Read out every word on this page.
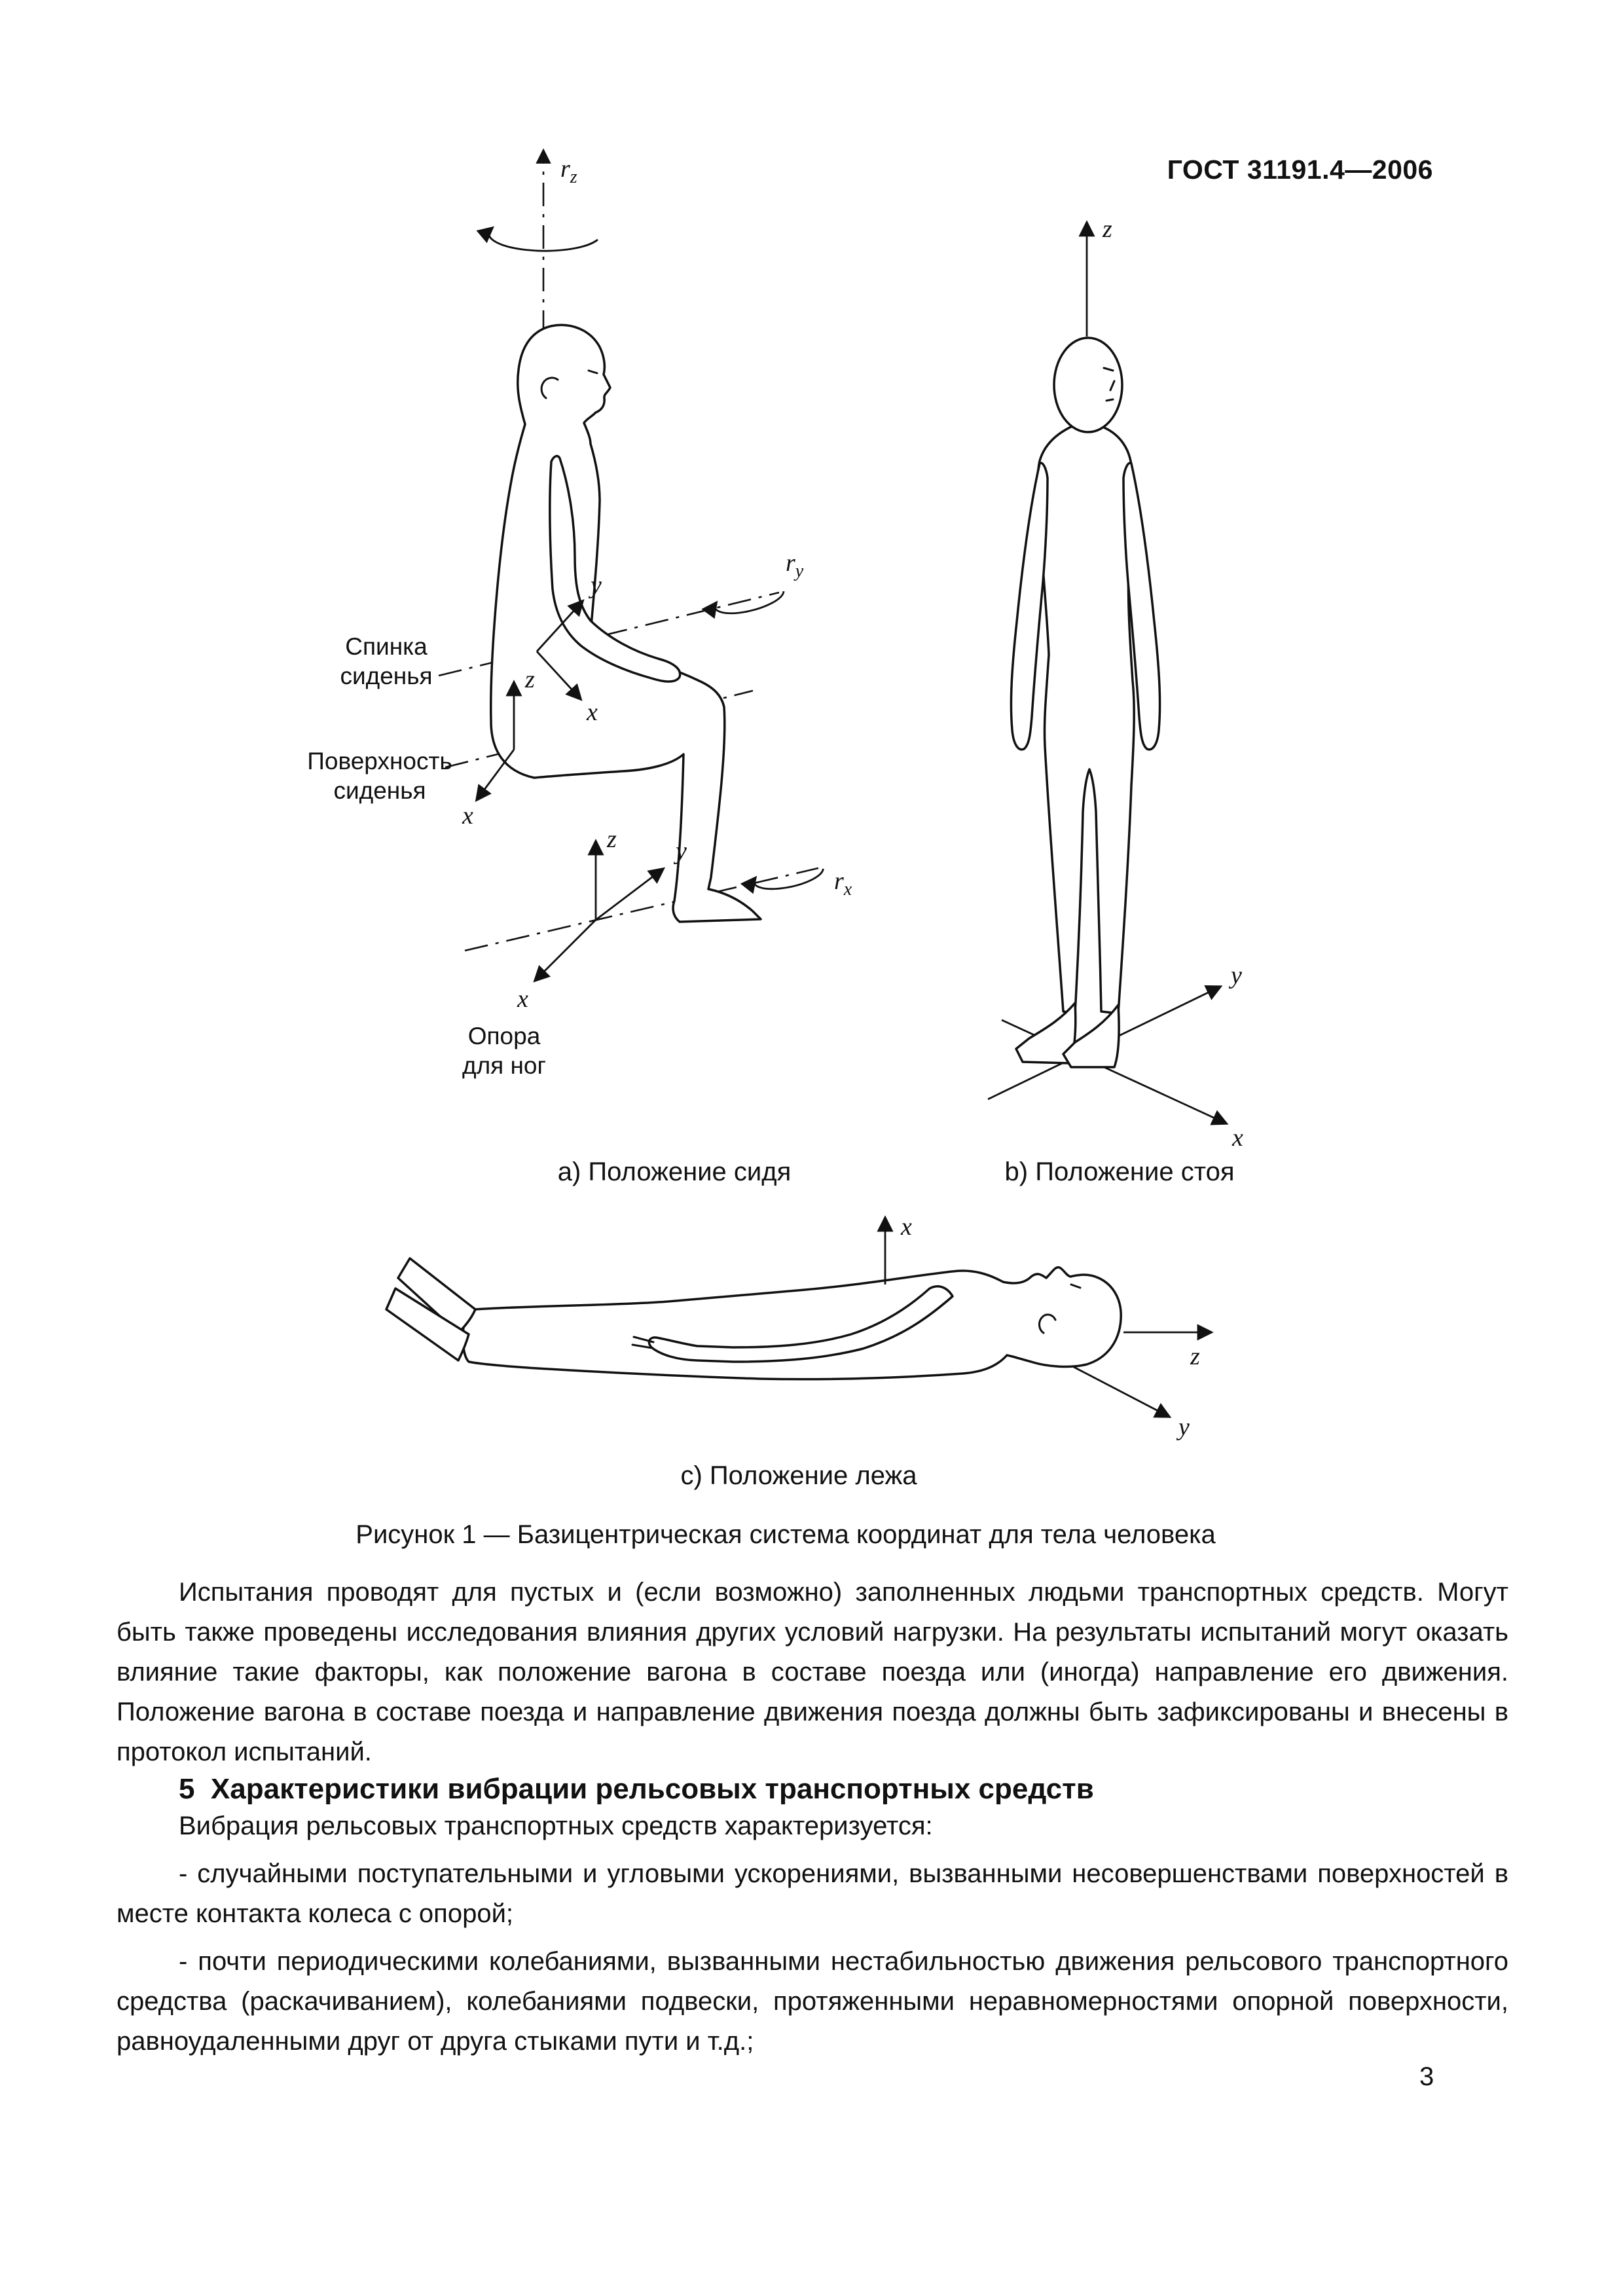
ГОСТ 31191.4—2006
$r_z$
y
x
$r_y$
z
x
z y
x
$r_x$
Спинка
сиденья
Поверхность
сиденья
Опора
для ног
z
y
x
x
z
y
а) Положение сидя	b) Положение стоя
с) Положение лежа
Рисунок 1 — Базицентрическая система координат для тела человека

Испытания проводят для пустых и (если возможно) заполненных людьми транспортных средств. Могут быть также проведены исследования влияния других условий нагрузки. На результаты испытаний могут оказать влияние такие факторы, как положение вагона в составе поезда или (иногда) направление его движения. Положение вагона в составе поезда и направление движения поезда должны быть зафиксированы и внесены в протокол испытаний.

5  Характеристики вибрации рельсовых транспортных средств

Вибрация рельсовых транспортных средств характеризуется:

- случайными поступательными и угловыми ускорениями, вызванными несовершенствами поверхностей в месте контакта колеса с опорой;

- почти периодическими колебаниями, вызванными нестабильностью движения рельсового транспортного средства (раскачиванием), колебаниями подвески, протяженными неравномерностями опорной поверхности, равноудаленными друг от друга стыками пути и т.д.;

3
